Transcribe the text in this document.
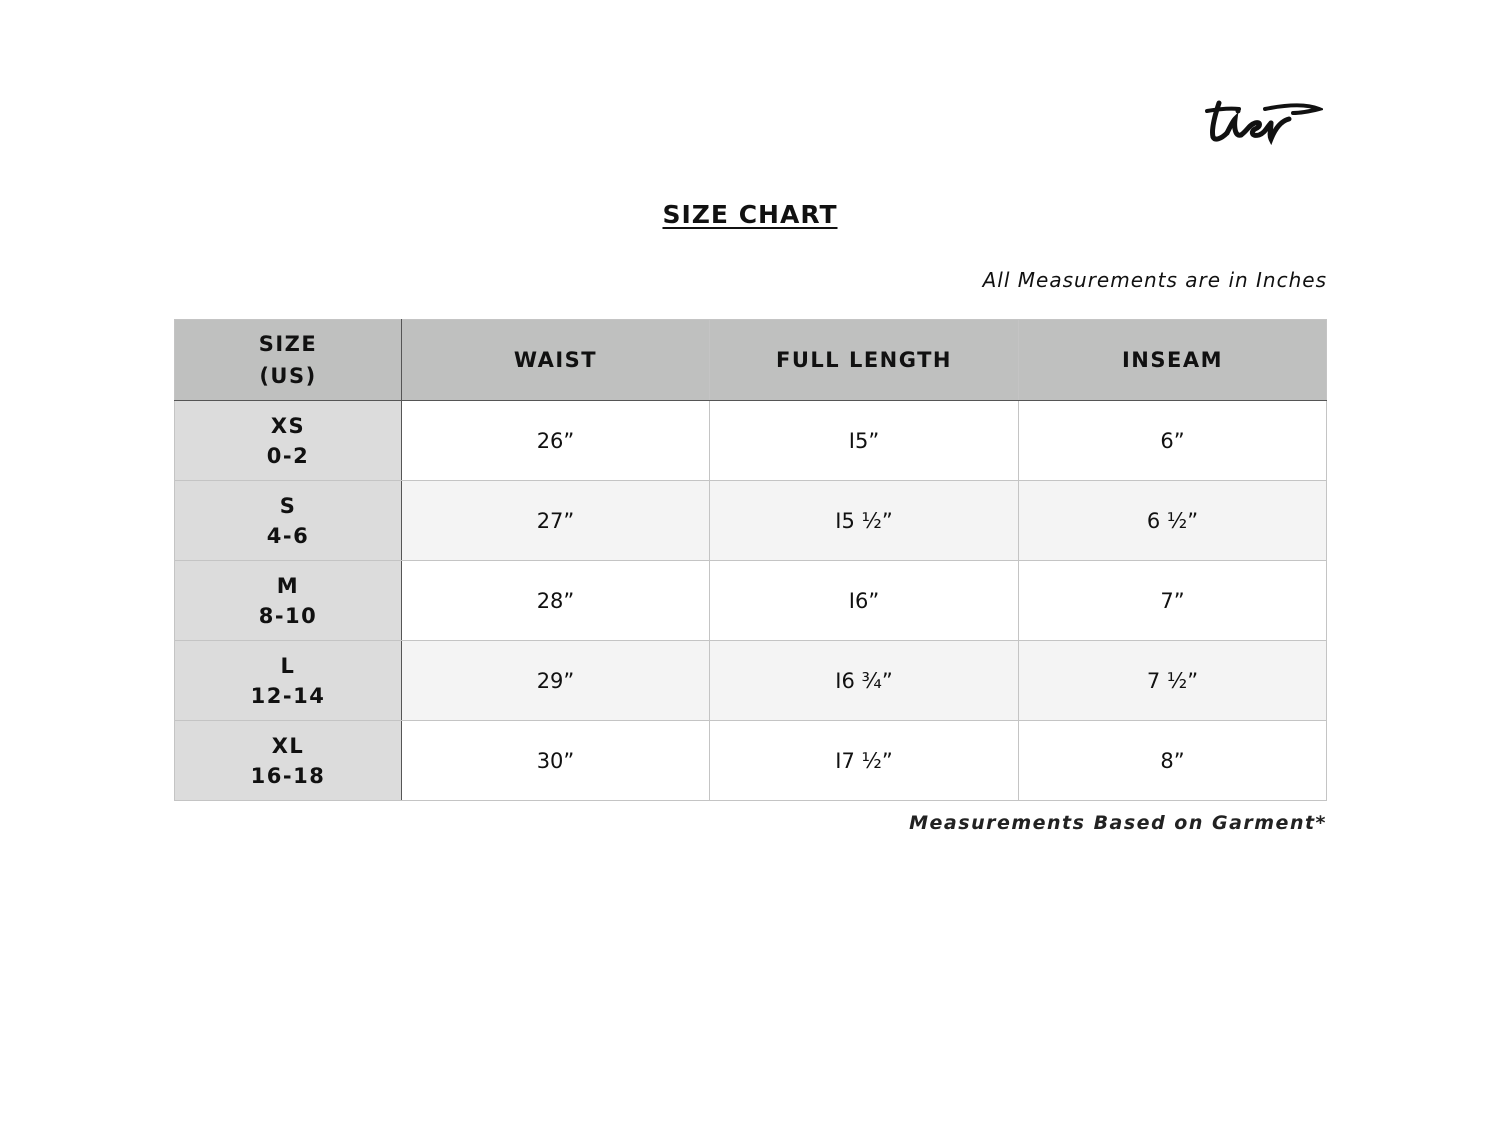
SIZE CHART
All Measurements are in Inches
SIZE
(US)	WAIST	FULL LENGTH	INSEAM

XS
0-2	26”	I5”	6”

S
4-6	27”	I5 ½”	6 ½”

M
8-10	28”	I6”	7”

L
12-14	29”	I6 ¾”	7 ½”

XL
16-18	30”	I7 ½”	8”
Measurements Based on Garment*
